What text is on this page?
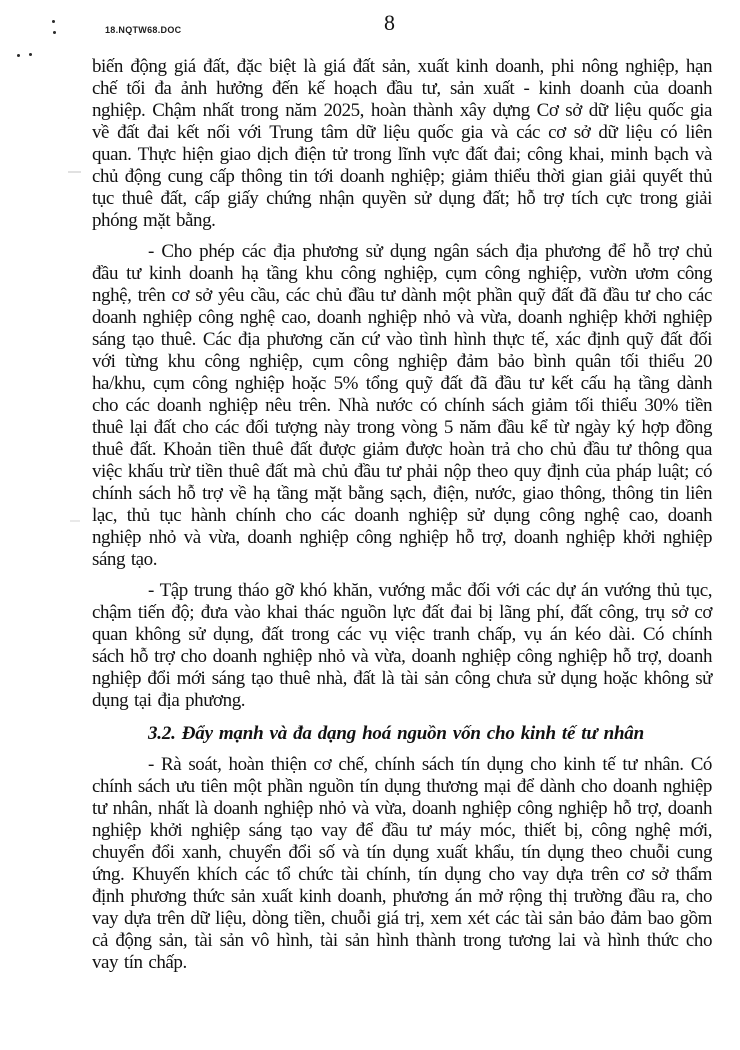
18.NQTW68.DOC	8

biến động giá đất, đặc biệt là giá đất sản, xuất kinh doanh, phi nông nghiệp, hạn chế tối đa ảnh hưởng đến kế hoạch đầu tư, sản xuất - kinh doanh của doanh nghiệp. Chậm nhất trong năm 2025, hoàn thành xây dựng Cơ sở dữ liệu quốc gia về đất đai kết nối với Trung tâm dữ liệu quốc gia và các cơ sở dữ liệu có liên quan. Thực hiện giao dịch điện tử trong lĩnh vực đất đai; công khai, minh bạch và chủ động cung cấp thông tin tới doanh nghiệp; giảm thiểu thời gian giải quyết thủ tục thuê đất, cấp giấy chứng nhận quyền sử dụng đất; hỗ trợ tích cực trong giải phóng mặt bằng.

- Cho phép các địa phương sử dụng ngân sách địa phương để hỗ trợ chủ đầu tư kinh doanh hạ tầng khu công nghiệp, cụm công nghiệp, vườn ươm công nghệ, trên cơ sở yêu cầu, các chủ đầu tư dành một phần quỹ đất đã đầu tư cho các doanh nghiệp công nghệ cao, doanh nghiệp nhỏ và vừa, doanh nghiệp khởi nghiệp sáng tạo thuê. Các địa phương căn cứ vào tình hình thực tế, xác định quỹ đất đối với từng khu công nghiệp, cụm công nghiệp đảm bảo bình quân tối thiểu 20 ha/khu, cụm công nghiệp hoặc 5% tổng quỹ đất đã đầu tư kết cấu hạ tầng dành cho các doanh nghiệp nêu trên. Nhà nước có chính sách giảm tối thiểu 30% tiền thuê lại đất cho các đối tượng này trong vòng 5 năm đầu kể từ ngày ký hợp đồng thuê đất. Khoản tiền thuê đất được giảm được hoàn trả cho chủ đầu tư thông qua việc khấu trừ tiền thuê đất mà chủ đầu tư phải nộp theo quy định của pháp luật; có chính sách hỗ trợ về hạ tầng mặt bằng sạch, điện, nước, giao thông, thông tin liên lạc, thủ tục hành chính cho các doanh nghiệp sử dụng công nghệ cao, doanh nghiệp nhỏ và vừa, doanh nghiệp công nghiệp hỗ trợ, doanh nghiệp khởi nghiệp sáng tạo.

- Tập trung tháo gỡ khó khăn, vướng mắc đối với các dự án vướng thủ tục, chậm tiến độ; đưa vào khai thác nguồn lực đất đai bị lãng phí, đất công, trụ sở cơ quan không sử dụng, đất trong các vụ việc tranh chấp, vụ án kéo dài. Có chính sách hỗ trợ cho doanh nghiệp nhỏ và vừa, doanh nghiệp công nghiệp hỗ trợ, doanh nghiệp đổi mới sáng tạo thuê nhà, đất là tài sản công chưa sử dụng hoặc không sử dụng tại địa phương.

3.2. Đẩy mạnh và đa dạng hoá nguồn vốn cho kinh tế tư nhân

- Rà soát, hoàn thiện cơ chế, chính sách tín dụng cho kinh tế tư nhân. Có chính sách ưu tiên một phần nguồn tín dụng thương mại để dành cho doanh nghiệp tư nhân, nhất là doanh nghiệp nhỏ và vừa, doanh nghiệp công nghiệp hỗ trợ, doanh nghiệp khởi nghiệp sáng tạo vay để đầu tư máy móc, thiết bị, công nghệ mới, chuyển đổi xanh, chuyển đổi số và tín dụng xuất khẩu, tín dụng theo chuỗi cung ứng. Khuyến khích các tổ chức tài chính, tín dụng cho vay dựa trên cơ sở thẩm định phương thức sản xuất kinh doanh, phương án mở rộng thị trường đầu ra, cho vay dựa trên dữ liệu, dòng tiền, chuỗi giá trị, xem xét các tài sản bảo đảm bao gồm cả động sản, tài sản vô hình, tài sản hình thành trong tương lai và hình thức cho vay tín chấp.
